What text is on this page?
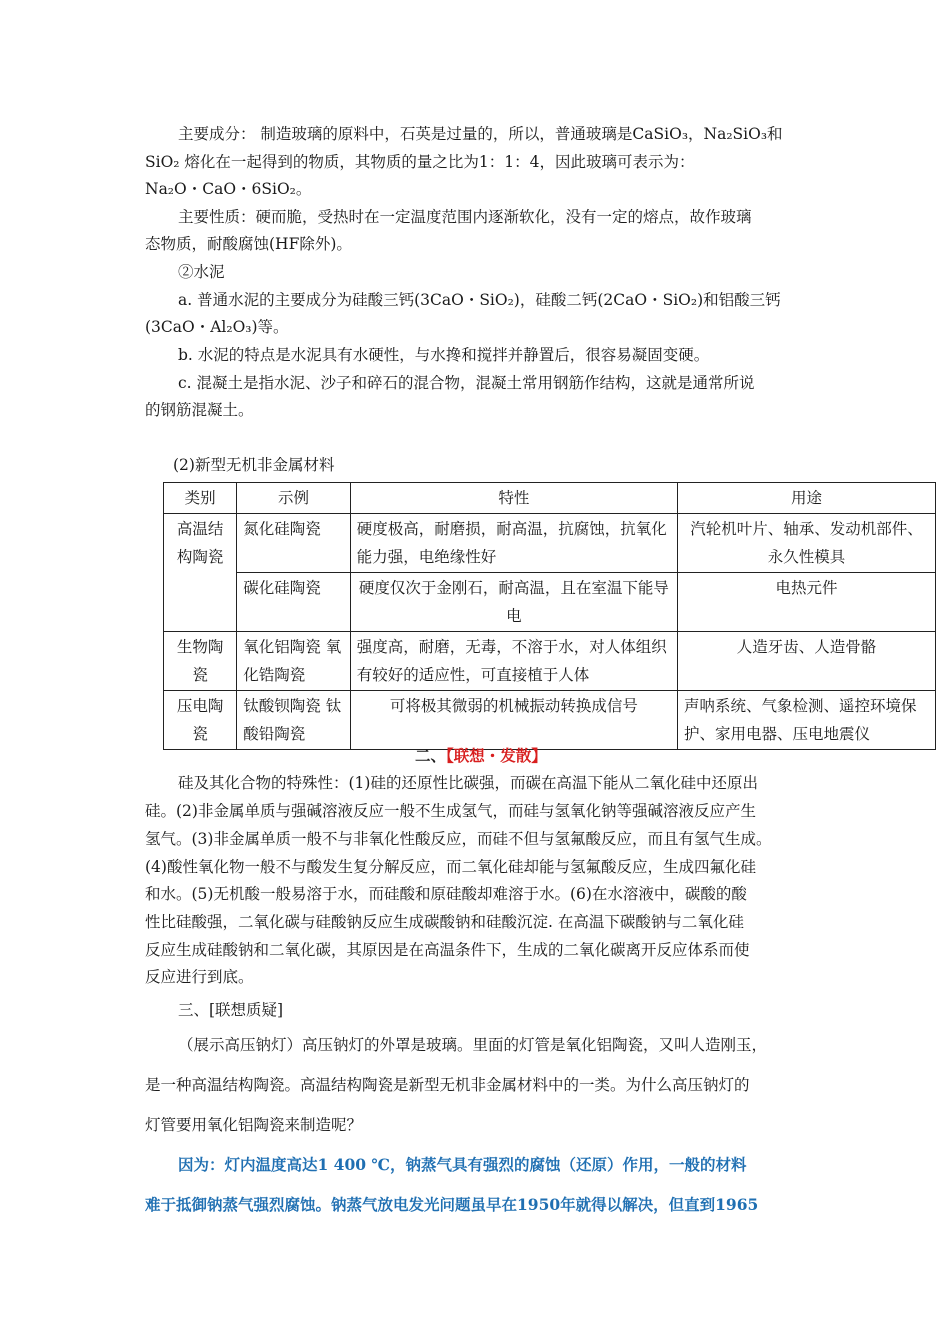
主要成分： 制造玻璃的原料中，石英是过量的，所以，普通玻璃是CaSiO₃，Na₂SiO₃和
SiO₂ 熔化在一起得到的物质，其物质的量之比为1：1：4，因此玻璃可表示为：
Na₂O・CaO・6SiO₂。
主要性质：硬而脆，受热时在一定温度范围内逐渐软化，没有一定的熔点，故作玻璃
态物质，耐酸腐蚀(HF除外)。
②水泥
a. 普通水泥的主要成分为硅酸三钙(3CaO・SiO₂)，硅酸二钙(2CaO・SiO₂)和铝酸三钙
(3CaO・Al₂O₃)等。
b. 水泥的特点是水泥具有水硬性，与水搀和搅拌并静置后，很容易凝固变硬。
c. 混凝土是指水泥、沙子和碎石的混合物，混凝土常用钢筋作结构，这就是通常所说
的钢筋混凝土。
(2)新型无机非金属材料
类别	示例	特性	用途
高温结构陶瓷	氮化硅陶瓷	硬度极高，耐磨损，耐高温，抗腐蚀，抗氧化能力强，电绝缘性好	汽轮机叶片、轴承、发动机部件、永久性模具
	碳化硅陶瓷	硬度仅次于金刚石，耐高温，且在室温下能导电	电热元件
生物陶瓷	氧化铝陶瓷 氧化锆陶瓷	强度高，耐磨，无毒，不溶于水，对人体组织有较好的适应性，可直接植于人体	人造牙齿、人造骨骼
压电陶瓷	钛酸钡陶瓷 钛酸铅陶瓷	可将极其微弱的机械振动转换成信号	声呐系统、气象检测、遥控环境保护、家用电器、压电地震仪
二、【联想・发散】
硅及其化合物的特殊性：(1)硅的还原性比碳强，而碳在高温下能从二氧化硅中还原出
硅。(2)非金属单质与强碱溶液反应一般不生成氢气，而硅与氢氧化钠等强碱溶液反应产生
氢气。(3)非金属单质一般不与非氧化性酸反应，而硅不但与氢氟酸反应，而且有氢气生成。
(4)酸性氧化物一般不与酸发生复分解反应，而二氧化硅却能与氢氟酸反应，生成四氟化硅
和水。(5)无机酸一般易溶于水，而硅酸和原硅酸却难溶于水。(6)在水溶液中，碳酸的酸
性比硅酸强，二氧化碳与硅酸钠反应生成碳酸钠和硅酸沉淀. 在高温下碳酸钠与二氧化硅
反应生成硅酸钠和二氧化碳，其原因是在高温条件下，生成的二氧化碳离开反应体系而使
反应进行到底。
三、[联想质疑]
（展示高压钠灯）高压钠灯的外罩是玻璃。里面的灯管是氧化铝陶瓷，又叫人造刚玉，
是一种高温结构陶瓷。高温结构陶瓷是新型无机非金属材料中的一类。为什么高压钠灯的
灯管要用氧化铝陶瓷来制造呢？
因为：灯内温度高达1 400 ℃，钠蒸气具有强烈的腐蚀（还原）作用，一般的材料
难于抵御钠蒸气强烈腐蚀。钠蒸气放电发光问题虽早在1950年就得以解决，但直到1965
